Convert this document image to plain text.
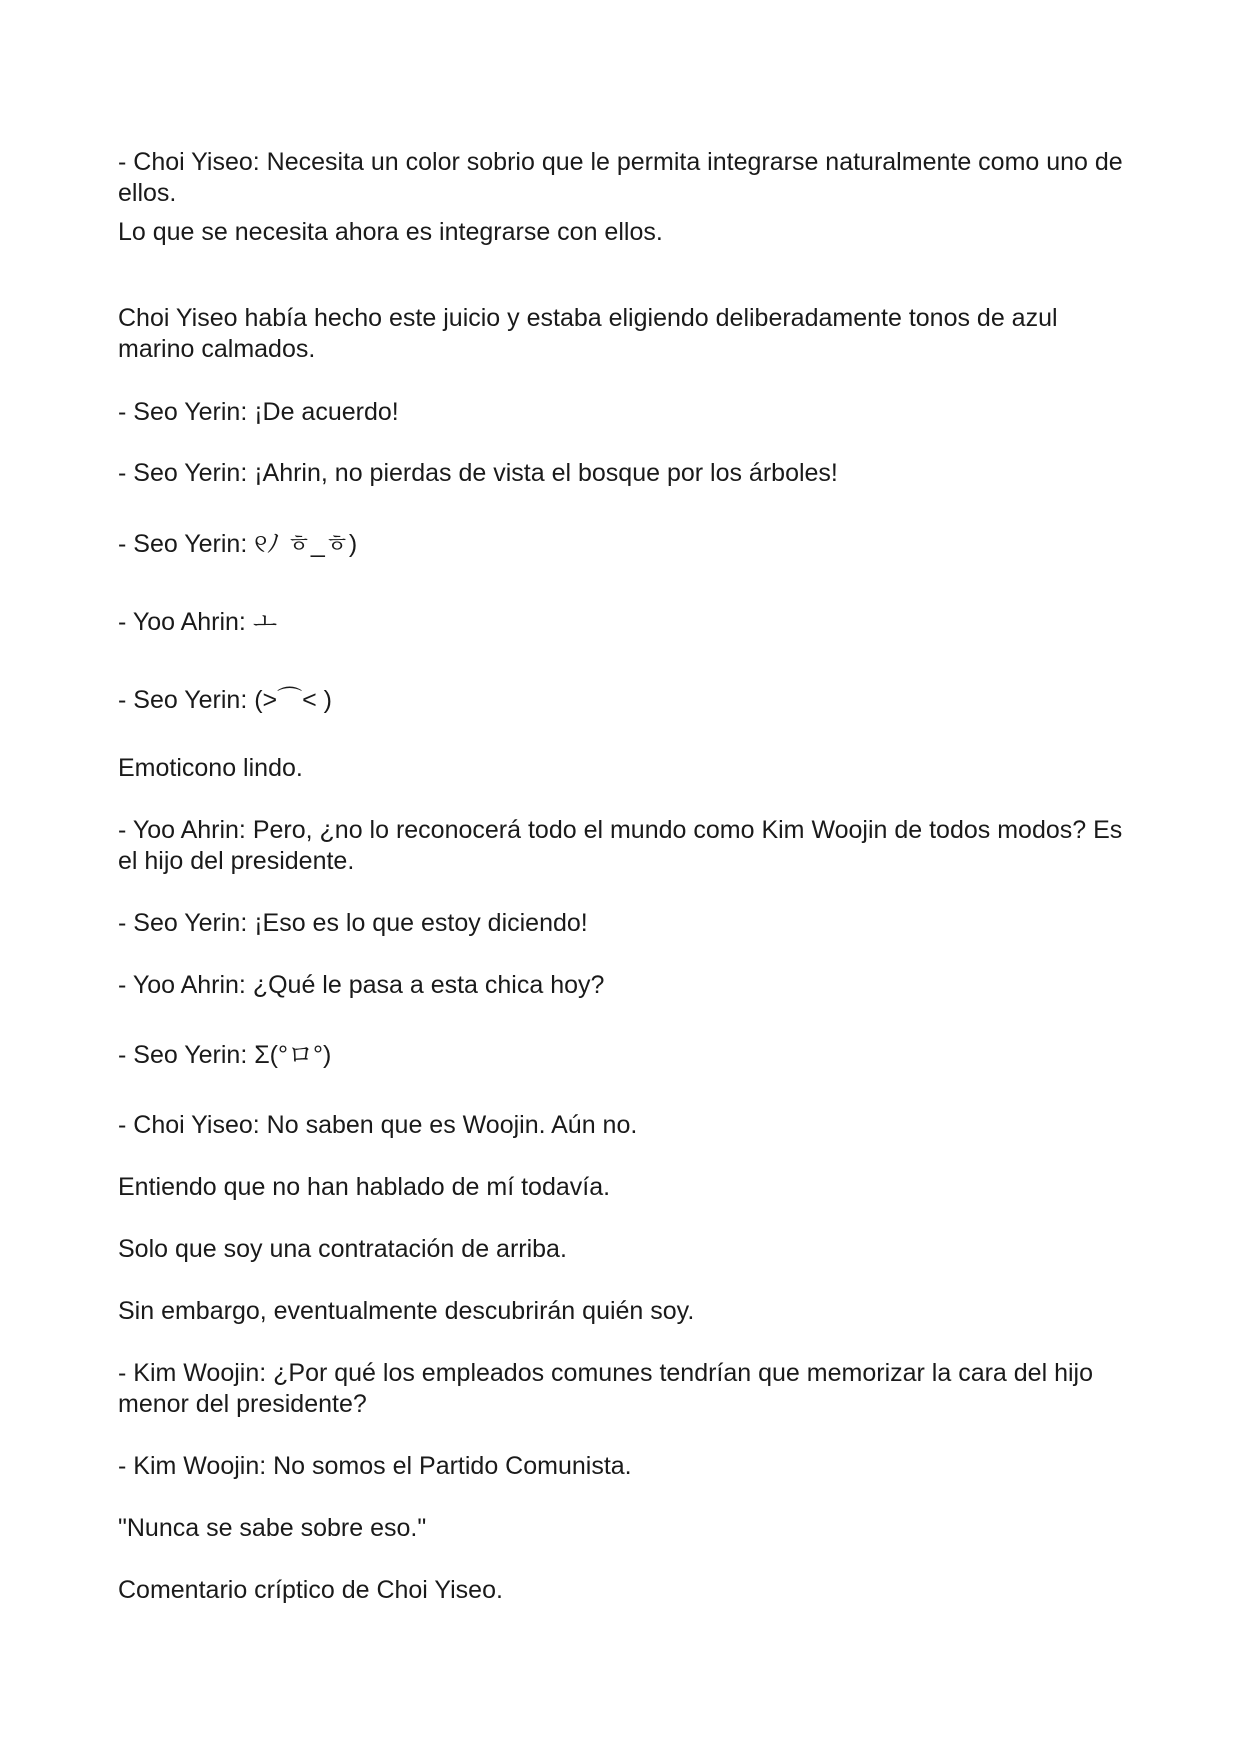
- Choi Yiseo: Necesita un color sobrio que le permita integrarse naturalmente como uno de ellos.

Lo que se necesita ahora es integrarse con ellos.

Choi Yiseo había hecho este juicio y estaba eligiendo deliberadamente tonos de azul marino calmados.

- Seo Yerin: ¡De acuerdo!

- Seo Yerin: ¡Ahrin, no pierdas de vista el bosque por los árboles!

- Seo Yerin: ୧ﾉ ㅎ_ㅎ)

- Yoo Ahrin: ㅗ

- Seo Yerin: (>⌒< )

Emoticono lindo.

- Yoo Ahrin: Pero, ¿no lo reconocerá todo el mundo como Kim Woojin de todos modos? Es el hijo del presidente.

- Seo Yerin: ¡Eso es lo que estoy diciendo!

- Yoo Ahrin: ¿Qué le pasa a esta chica hoy?

- Seo Yerin: Σ(°ロ°)

- Choi Yiseo: No saben que es Woojin. Aún no.

Entiendo que no han hablado de mí todavía.

Solo que soy una contratación de arriba.

Sin embargo, eventualmente descubrirán quién soy.

- Kim Woojin: ¿Por qué los empleados comunes tendrían que memorizar la cara del hijo menor del presidente?

- Kim Woojin: No somos el Partido Comunista.

"Nunca se sabe sobre eso."

Comentario críptico de Choi Yiseo.
